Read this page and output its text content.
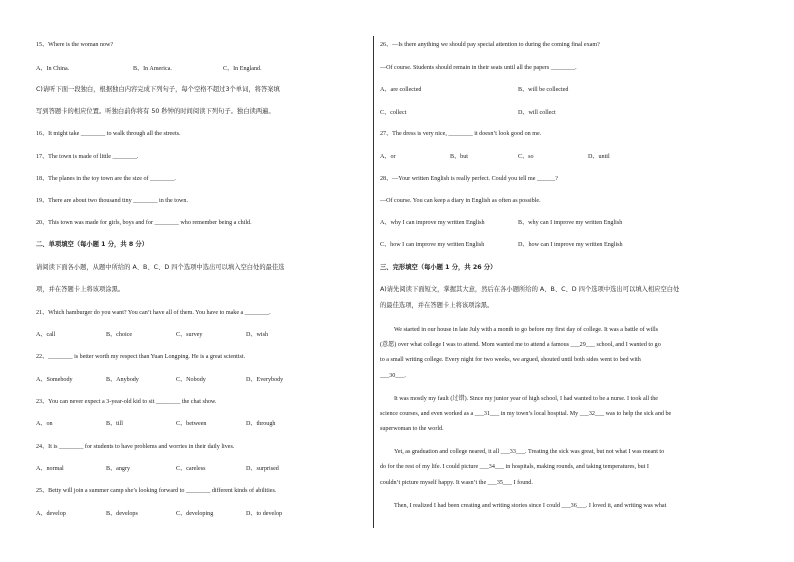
15、Where is the woman now?
A、In China.	B、In America.	C、In England.
C)请听下面一段独白，根据独白内容完成下列句子，每个空格不超过3个单词，将答案填
写到答题卡的相应位置。听独白前你将有 50 秒钟的时间阅读下列句子。独白读两遍。
16、It might take ________ to walk through all the streets.
17、The town is made of little ________.
18、The planes in the toy town are the size of ________.
19、There are about two thousand tiny ________ in the town.
20、This town was made for girls, boys and for ________ who remember being a child.
二、单项填空（每小题 1 分，共 8 分）
请阅读下面各小题，从题中所给的 A、B、C、D 四个选项中选出可以填入空白处的最佳选
项，并在答题卡上将该项涂黑。
21、Which hamburger do you want? You can’t have all of them. You have to make a ________.
A、call	B、choice	C、survey	D、wish
22、________ is better worth my respect than Yuan Longping. He is a great scientist.
A、Somebody	B、Anybody	C、Nobody	D、Everybody
23、You can never expect a 3-year-old kid to sit ________ the chat show.
A、on	B、till	C、between	D、through
24、It is ________ for students to have problems and worries in their daily lives.
A、normal	B、angry	C、careless	D、surprised
25、Betty will join a summer camp she’s looking forward to ________ different kinds of abilities.
A、develop	B、develops	C、developing	D、to develop
26、—Is there anything we should pay special attention to during the coming final exam?
—Of course. Students should remain in their seats until all the papers ________.
A、are collected	B、will be collected
C、collect	D、will collect
27、The dress is very nice, ________ it doesn’t look good on me.
A、or	B、but	C、so	D、until
28、—Your written English is really perfect. Could you tell me ______?
—Of course. You can keep a diary in English as often as possible.
A、why I can improve my written English	B、why can I improve my written English
C、how I can improve my written English	D、how can I improve my written English
三、完形填空（每小题 1 分，共 26 分）
A)请先阅读下面短文，掌握其大意，然后在各小题所给的 A、B、C、D 四个选项中选出可以填入相应空白处
的最佳选项，并在答题卡上将该项涂黑。
We started in our house in late July with a month to go before my first day of college. It was a battle of wills
(意愿) over what college I was to attend. Mom wanted me to attend a famous ___29___ school, and I wanted to go
to a small writing college. Every night for two weeks, we argued, shouted until both sides went to bed with
___30___.
It was mostly my fault (过错). Since my junior year of high school, I had wanted to be a nurse. I took all the
science courses, and even worked as a ___31___ in my town’s local hospital. My ___32___ was to help the sick and be
superwoman to the world.
Yet, as graduation and college neared, it all ___33___. Treating the sick was great, but not what I was meant to
do for the rest of my life. I could picture ___34___ in hospitals, making rounds, and taking temperatures, but I
couldn’t picture myself happy. It wasn’t the ___35___ I found.
Then, I realized I had been creating and writing stories since I could ___36___. I loved it, and writing was what
